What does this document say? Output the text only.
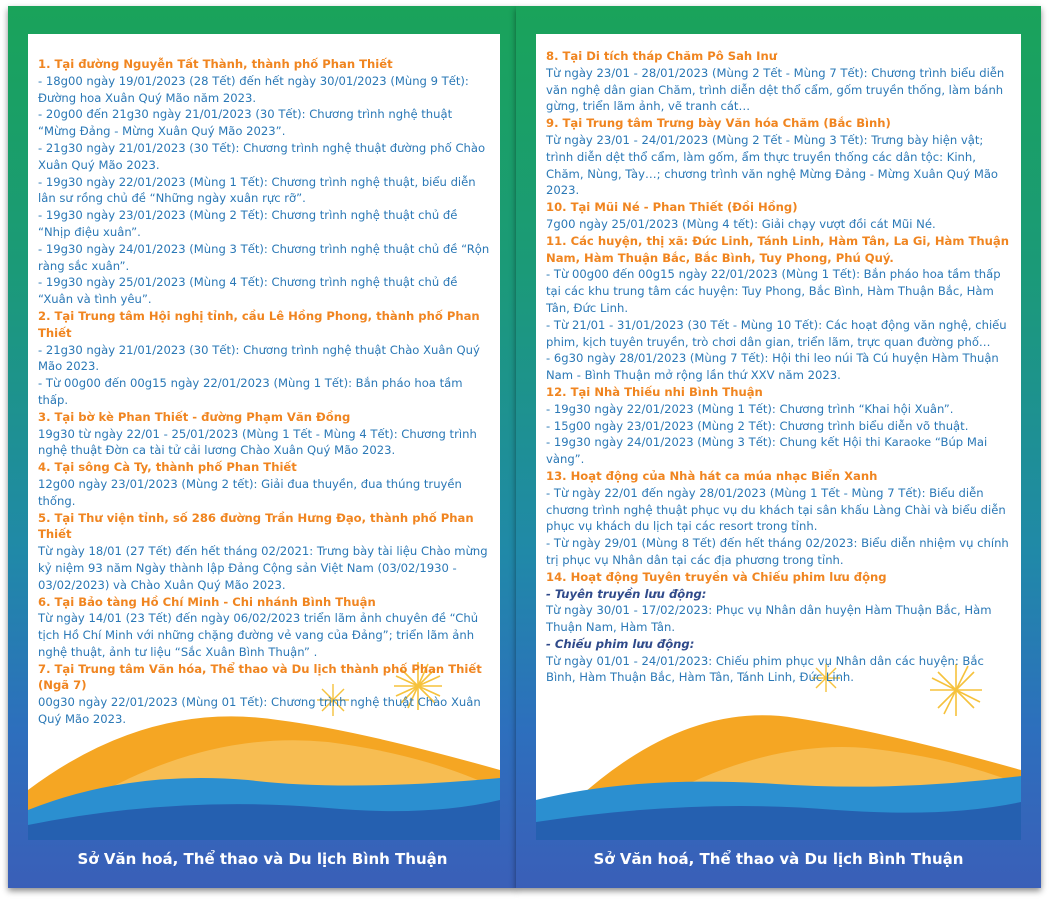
1. Tại đường Nguyễn Tất Thành, thành phố Phan Thiết

- 18g00 ngày 19/01/2023 (28 Tết) đến hết ngày 30/01/2023 (Mùng 9 Tết): Đường hoa Xuân Quý Mão năm 2023.

- 20g00 đến 21g30 ngày 21/01/2023 (30 Tết): Chương trình nghệ thuật “Mừng Đảng - Mừng Xuân Quý Mão 2023”.

- 21g30 ngày 21/01/2023 (30 Tết): Chương trình nghệ thuật đường phố Chào Xuân Quý Mão 2023.

- 19g30 ngày 22/01/2023 (Mùng 1 Tết): Chương trình nghệ thuật, biểu diễn lân sư rồng chủ đề “Những ngày xuân rực rỡ”.

- 19g30 ngày 23/01/2023 (Mùng 2 Tết): Chương trình nghệ thuật chủ đề “Nhịp điệu xuân”.

- 19g30 ngày 24/01/2023 (Mùng 3 Tết): Chương trình nghệ thuật chủ đề “Rộn ràng sắc xuân”.

- 19g30 ngày 25/01/2023 (Mùng 4 Tết): Chương trình nghệ thuật chủ đề “Xuân và tình yêu”.

2. Tại Trung tâm Hội nghị tỉnh, cầu Lê Hồng Phong, thành phố Phan Thiết

- 21g30 ngày 21/01/2023 (30 Tết): Chương trình nghệ thuật Chào Xuân Quý Mão 2023.

- Từ 00g00 đến 00g15 ngày 22/01/2023 (Mùng 1 Tết): Bắn pháo hoa tầm thấp.

3. Tại bờ kè Phan Thiết - đường Phạm Văn Đồng

19g30 từ ngày 22/01 - 25/01/2023 (Mùng 1 Tết - Mùng 4 Tết): Chương trình nghệ thuật Đờn ca tài tử cải lương Chào Xuân Quý Mão 2023.

4. Tại sông Cà Ty, thành phố Phan Thiết

12g00 ngày 23/01/2023 (Mùng 2 tết): Giải đua thuyền, đua thúng truyền thống.

5. Tại Thư viện tỉnh, số 286 đường Trần Hưng Đạo, thành phố Phan Thiết

Từ ngày 18/01 (27 Tết) đến hết tháng 02/2021: Trưng bày tài liệu Chào mừng kỷ niệm 93 năm Ngày thành lập Đảng Cộng sản Việt Nam (03/02/1930 - 03/02/2023) và Chào Xuân Quý Mão 2023.

6. Tại Bảo tàng Hồ Chí Minh - Chi nhánh Bình Thuận

Từ ngày 14/01 (23 Tết) đến ngày 06/02/2023 triển lãm ảnh chuyên đề “Chủ tịch Hồ Chí Minh với những chặng đường vẻ vang của Đảng”; triển lãm ảnh nghệ thuật, ảnh tư liệu “Sắc Xuân Bình Thuận” .

7. Tại Trung tâm Văn hóa, Thể thao và Du lịch thành phố Phan Thiết (Ngã 7)

00g30 ngày 22/01/2023 (Mùng 01 Tết): Chương trình nghệ thuật Chào Xuân Quý Mão 2023.

Sở Văn hoá, Thể thao và Du lịch Bình Thuận

8. Tại Di tích tháp Chăm Pô Sah Inư

Từ ngày 23/01 - 28/01/2023 (Mùng 2 Tết - Mùng 7 Tết): Chương trình biểu diễn văn nghệ dân gian Chăm, trình diễn dệt thổ cẩm, gốm truyền thống, làm bánh gừng, triển lãm ảnh, vẽ tranh cát…

9. Tại Trung tâm Trưng bày Văn hóa Chăm (Bắc Bình)

Từ ngày 23/01 - 24/01/2023 (Mùng 2 Tết - Mùng 3 Tết): Trưng bày hiện vật; trình diễn dệt thổ cẩm, làm gốm, ẩm thực truyền thống các dân tộc: Kinh, Chăm, Nùng, Tày…; chương trình văn nghệ Mừng Đảng - Mừng Xuân Quý Mão 2023.

10. Tại Mũi Né - Phan Thiết (Đồi Hồng)

7g00 ngày 25/01/2023 (Mùng 4 tết): Giải chạy vượt đồi cát Mũi Né.

11. Các huyện, thị xã: Đức Linh, Tánh Linh, Hàm Tân, La Gi, Hàm Thuận Nam, Hàm Thuận Bắc, Bắc Bình, Tuy Phong, Phú Quý.

- Từ 00g00 đến 00g15 ngày 22/01/2023 (Mùng 1 Tết): Bắn pháo hoa tầm thấp tại các khu trung tâm các huyện: Tuy Phong, Bắc Bình, Hàm Thuận Bắc, Hàm Tân, Đức Linh.

- Từ 21/01 - 31/01/2023 (30 Tết - Mùng 10 Tết): Các hoạt động văn nghệ, chiếu phim, kịch tuyên truyền, trò chơi dân gian, triển lãm, trực quan đường phố…

- 6g30 ngày 28/01/2023 (Mùng 7 Tết): Hội thi leo núi Tà Cú huyện Hàm Thuận Nam - Bình Thuận mở rộng lần thứ XXV năm 2023.

12. Tại Nhà Thiếu nhi Bình Thuận

- 19g30 ngày 22/01/2023 (Mùng 1 Tết): Chương trình “Khai hội Xuân”.

- 15g00 ngày 23/01/2023 (Mùng 2 Tết): Chương trình biểu diễn võ thuật.

- 19g30 ngày 24/01/2023 (Mùng 3 Tết): Chung kết Hội thi Karaoke “Búp Mai vàng”.

13. Hoạt động của Nhà hát ca múa nhạc Biển Xanh

- Từ ngày 22/01 đến ngày 28/01/2023 (Mùng 1 Tết - Mùng 7 Tết): Biểu diễn chương trình nghệ thuật phục vụ du khách tại sân khấu Làng Chài và biểu diễn phục vụ khách du lịch tại các resort trong tỉnh.

- Từ ngày 29/01 (Mùng 8 Tết) đến hết tháng 02/2023: Biểu diễn nhiệm vụ chính trị phục vụ Nhân dân tại các địa phương trong tỉnh.

14. Hoạt động Tuyên truyền và Chiếu phim lưu động

- Tuyên truyền lưu động:

Từ ngày 30/01 - 17/02/2023: Phục vụ Nhân dân huyện Hàm Thuận Bắc, Hàm Thuận Nam, Hàm Tân.

- Chiếu phim lưu động:

Từ ngày 01/01 - 24/01/2023: Chiếu phim phục vụ Nhân dân các huyện: Bắc Bình, Hàm Thuận Bắc, Hàm Tân, Tánh Linh, Đức Linh.

Sở Văn hoá, Thể thao và Du lịch Bình Thuận
